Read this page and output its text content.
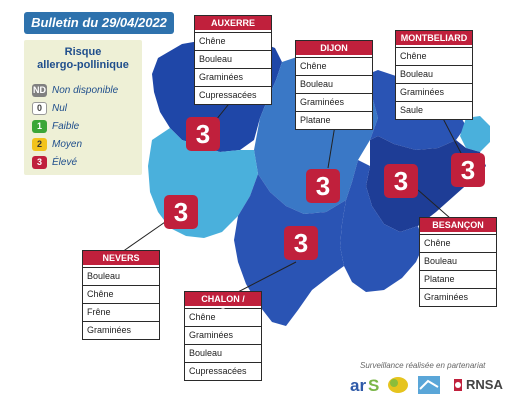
Bulletin du 29/04/2022
Risque
allergo-pollinique
ND Non disponible
0 Nul
1 Faible
2 Moyen
3 Élevé
3
3	3	3
3
3
AUXERRE
Chêne
Bouleau
Graminées
Cupressacées
DIJON
Chêne
Bouleau
Graminées
Platane
MONTBELIARD
Chêne
Bouleau
Graminées
Saule
BESANÇON
Chêne
Bouleau
Platane
Graminées
NEVERS
Bouleau
Chêne
Frêne
Graminées
CHALON / SAÔNE
Chêne
Graminées
Bouleau
Cupressacées
Surveillance réalisée en partenariat
ar S	RNSA
